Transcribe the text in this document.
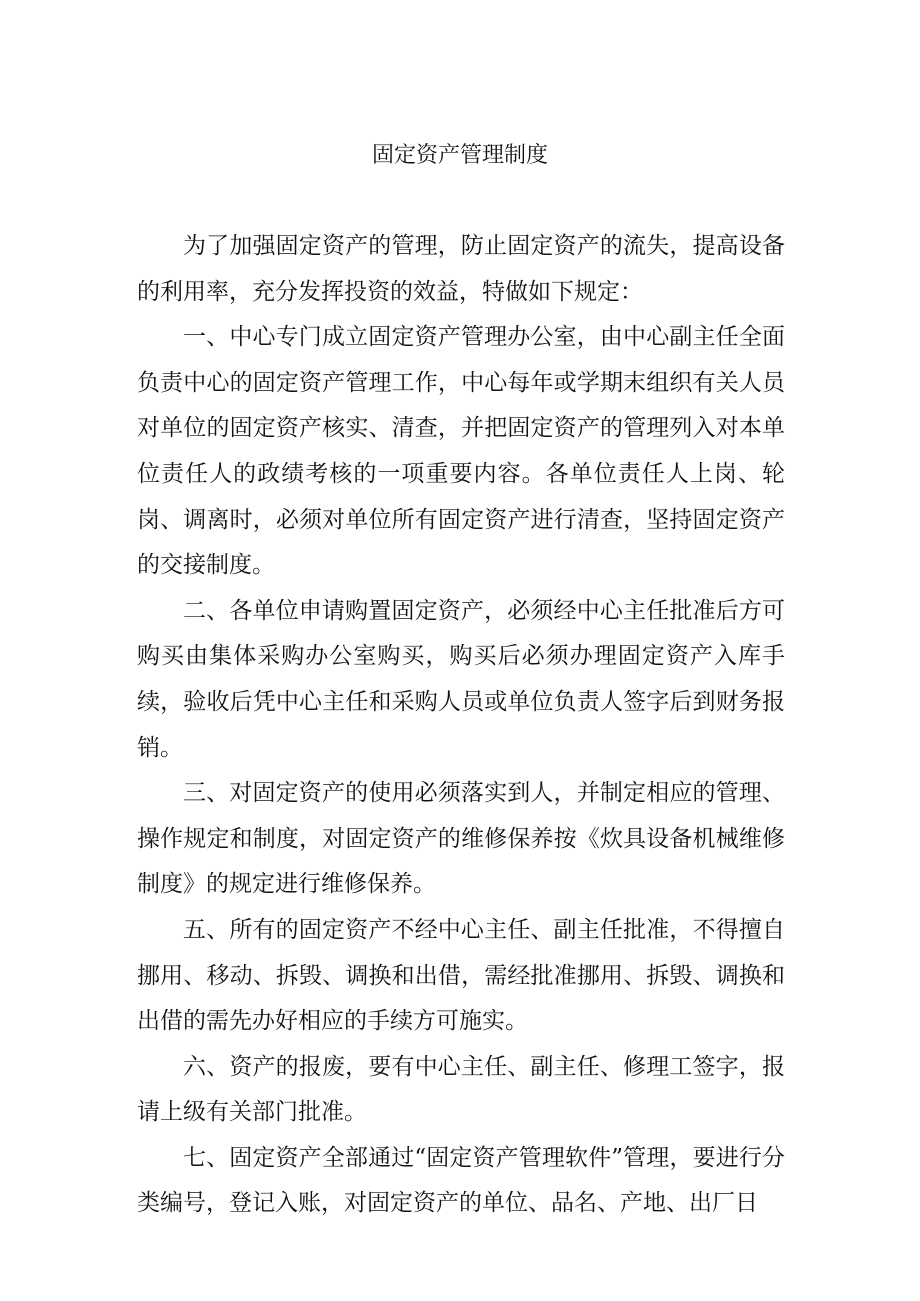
固定资产管理制度

为了加强固定资产的管理，防止固定资产的流失，提高设备的利用率，充分发挥投资的效益，特做如下规定：

一、中心专门成立固定资产管理办公室，由中心副主任全面负责中心的固定资产管理工作，中心每年或学期末组织有关人员对单位的固定资产核实、清查，并把固定资产的管理列入对本单位责任人的政绩考核的一项重要内容。各单位责任人上岗、轮岗、调离时，必须对单位所有固定资产进行清查，坚持固定资产的交接制度。

二、各单位申请购置固定资产，必须经中心主任批准后方可购买由集体采购办公室购买，购买后必须办理固定资产入库手续，验收后凭中心主任和采购人员或单位负责人签字后到财务报销。

三、对固定资产的使用必须落实到人，并制定相应的管理、操作规定和制度，对固定资产的维修保养按《炊具设备机械维修制度》的规定进行维修保养。

五、所有的固定资产不经中心主任、副主任批准，不得擅自挪用、移动、拆毁、调换和出借，需经批准挪用、拆毁、调换和出借的需先办好相应的手续方可施实。

六、资产的报废，要有中心主任、副主任、修理工签字，报请上级有关部门批准。

七、固定资产全部通过“固定资产管理软件”管理，要进行分类编号，登记入账，对固定资产的单位、品名、产地、出厂日
